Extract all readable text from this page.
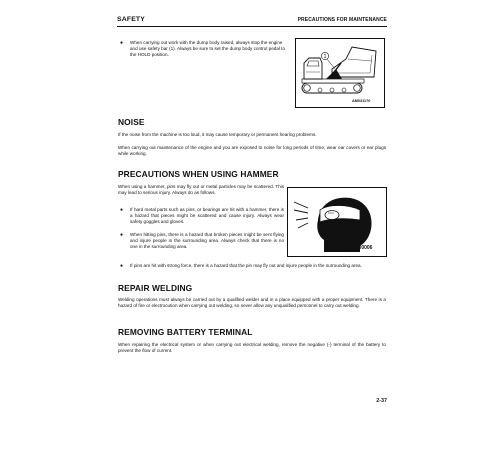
SAFETY	PRECAUTIONS FOR MAINTENANCE
● When carrying out work with the dump body raised, always stop the engine and use safety bar (1). Always be sure to set the dump body control pedal to the HOLD position.	1
AM031170
NOISE

If the noise from the machine is too loud, it may cause temporary or permanent hearing problems.

When carrying out maintenance of the engine and you are exposed to noise for long periods of time, wear ear covers or ear plugs while working.

PRECAUTIONS WHEN USING HAMMER

When using a hammer, pins may fly out or metal particles may be scattered. This may lead to serious injury. Always do as follows.

● If hard metal parts such as pins, or bearings are hit with a hammer, there is a hazard that pieces might be scattered and cause injury. Always wear safety goggles and gloves.

● When hitting pins, there is a hazard that broken pieces might be sent flying and injure people in the surrounding area. Always check that there is no one in the surrounding area.

● If pins are hit with strong force, there is a hazard that the pin may fly out and injure people in the surrounding area.

AJM00006
REPAIR WELDING

Welding operations must always be carried out by a qualified welder and in a place equipped with a proper equipment. There is a hazard of fire or electrocution when carrying out welding, so never allow any unqualified personnel to carry out welding.

REMOVING BATTERY TERMINAL

When repairing the electrical system or when carrying out electrical welding, remove the negative (-) terminal of the battery to prevent the flow of current.

2-37
